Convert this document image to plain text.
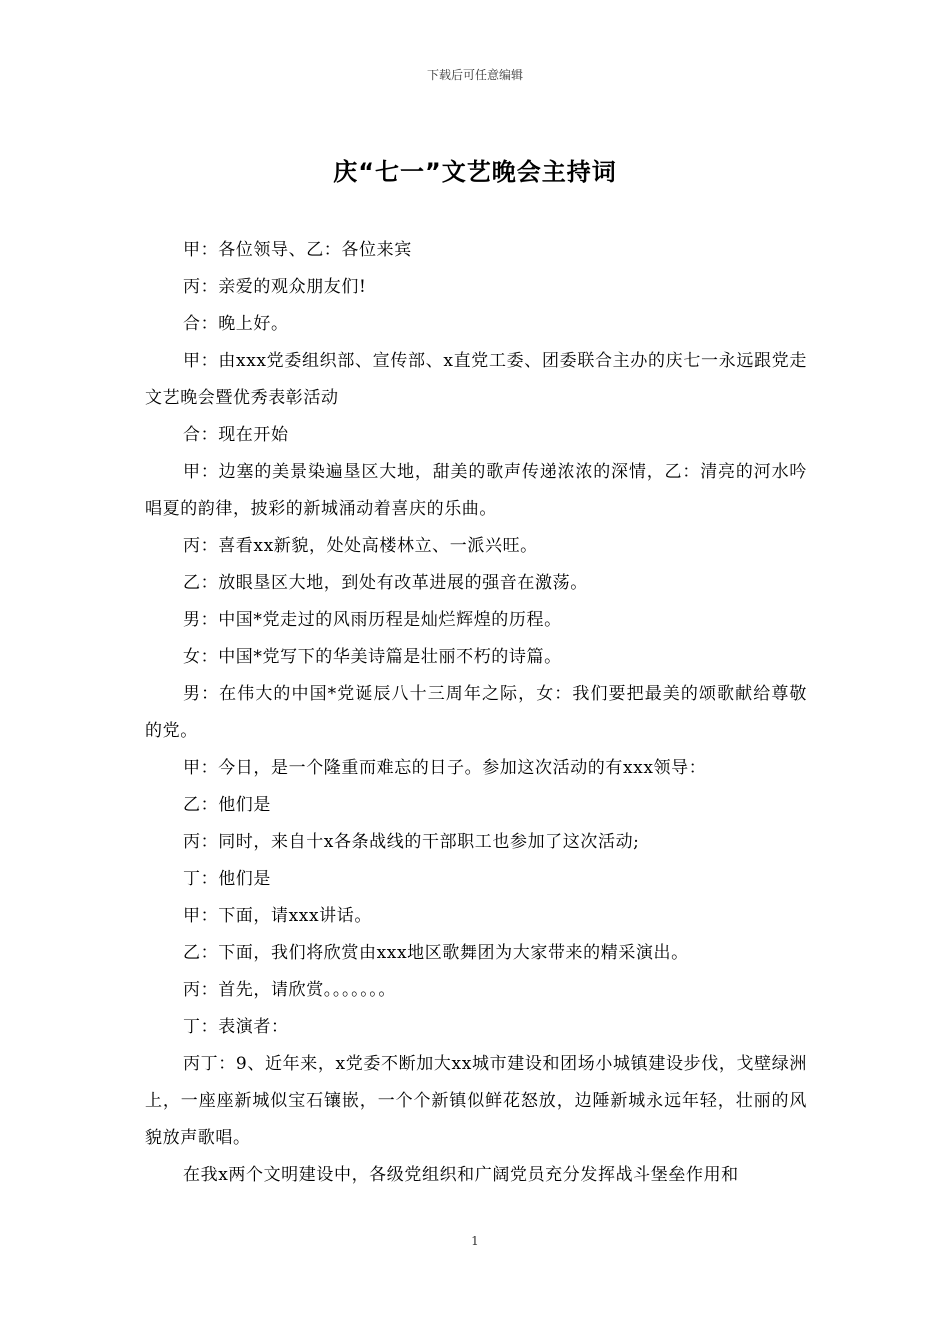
下载后可任意编辑
庆“七一”文艺晚会主持词

甲：各位领导、乙：各位来宾

丙：亲爱的观众朋友们!

合：晚上好。

甲：由xxx党委组织部、宣传部、x直党工委、团委联合主办的庆七一永远跟党走文艺晚会暨优秀表彰活动

合：现在开始

甲：边塞的美景染遍垦区大地，甜美的歌声传递浓浓的深情，乙：清亮的河水吟唱夏的韵律，披彩的新城涌动着喜庆的乐曲。

丙：喜看xx新貌，处处高楼林立、一派兴旺。

乙：放眼垦区大地，到处有改革进展的强音在激荡。

男：中国*党走过的风雨历程是灿烂辉煌的历程。

女：中国*党写下的华美诗篇是壮丽不朽的诗篇。

男：在伟大的中国*党诞辰八十三周年之际，女：我们要把最美的颂歌献给尊敬的党。

甲：今日，是一个隆重而难忘的日子。参加这次活动的有xxx领导：

乙：他们是

丙：同时，来自十x各条战线的干部职工也参加了这次活动;

丁：他们是

甲：下面，请xxx讲话。

乙：下面，我们将欣赏由xxx地区歌舞团为大家带来的精采演出。

丙：首先，请欣赏。。。。。。。

丁：表演者：

丙丁：9、近年来，x党委不断加大xx城市建设和团场小城镇建设步伐，戈壁绿洲上，一座座新城似宝石镶嵌，一个个新镇似鲜花怒放，边陲新城永远年轻，壮丽的风貌放声歌唱。

在我x两个文明建设中，各级党组织和广阔党员充分发挥战斗堡垒作用和

1
